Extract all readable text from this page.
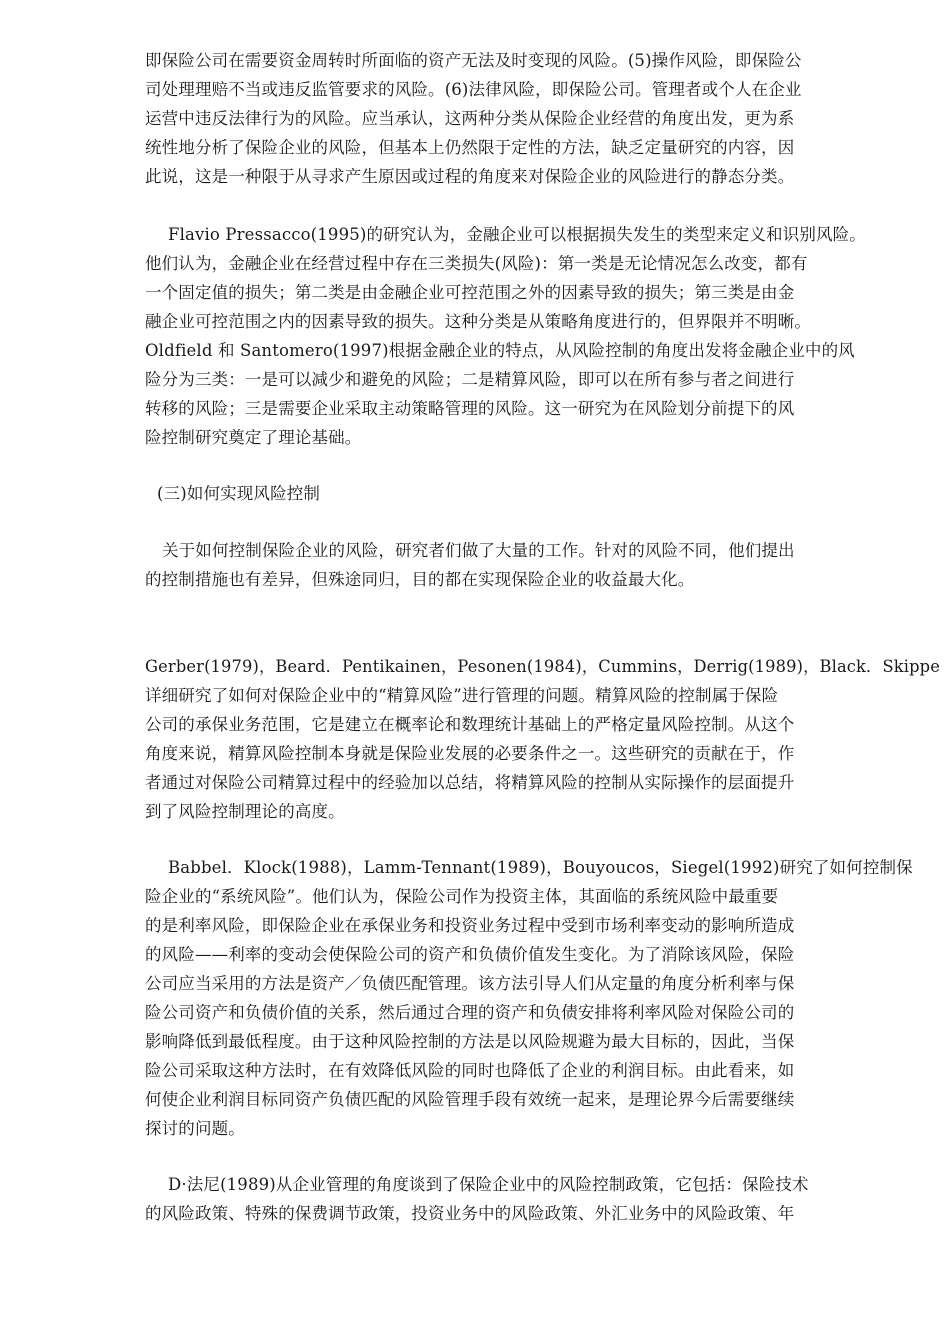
即保险公司在需要资金周转时所面临的资产无法及时变现的风险。(5)操作风险，即保险公
司处理理赔不当或违反监管要求的风险。(6)法律风险，即保险公司。管理者或个人在企业
运营中违反法律行为的风险。应当承认，这两种分类从保险企业经营的角度出发，更为系
统性地分析了保险企业的风险，但基本上仍然限于定性的方法，缺乏定量研究的内容，因
此说，这是一种限于从寻求产生原因或过程的角度来对保险企业的风险进行的静态分类。
Flavio Pressacco(1995)的研究认为，金融企业可以根据损失发生的类型来定义和识别风险。
他们认为，金融企业在经营过程中存在三类损失(风险)：第一类是无论情况怎么改变，都有
一个固定值的损失；第二类是由金融企业可控范围之外的因素导致的损失；第三类是由金
融企业可控范围之内的因素导致的损失。这种分类是从策略角度进行的，但界限并不明晰。
Oldfield 和 Santomero(1997)根据金融企业的特点，从风险控制的角度出发将金融企业中的风
险分为三类：一是可以减少和避免的风险；二是精算风险，即可以在所有参与者之间进行
转移的风险；三是需要企业采取主动策略管理的风险。这一研究为在风险划分前提下的风
险控制研究奠定了理论基础。
(三)如何实现风险控制
关于如何控制保险企业的风险，研究者们做了大量的工作。针对的风险不同，他们提出
的控制措施也有差异，但殊途同归，目的都在实现保险企业的收益最大化。
Gerber(1979)，Beard．Pentikainen，Pesonen(1984)，Cummins，Derrig(1989)，Black．Skippe
详细研究了如何对保险企业中的“精算风险”进行管理的问题。精算风险的控制属于保险
公司的承保业务范围，它是建立在概率论和数理统计基础上的严格定量风险控制。从这个
角度来说，精算风险控制本身就是保险业发展的必要条件之一。这些研究的贡献在于，作
者通过对保险公司精算过程中的经验加以总结，将精算风险的控制从实际操作的层面提升
到了风险控制理论的高度。
Babbel．Klock(1988)，Lamm-Tennant(1989)，Bouyoucos，Siegel(1992)研究了如何控制保
险企业的“系统风险”。他们认为，保险公司作为投资主体，其面临的系统风险中最重要
的是利率风险，即保险企业在承保业务和投资业务过程中受到市场利率变动的影响所造成
的风险——利率的变动会使保险公司的资产和负债价值发生变化。为了消除该风险，保险
公司应当采用的方法是资产／负债匹配管理。该方法引导人们从定量的角度分析利率与保
险公司资产和负债价值的关系，然后通过合理的资产和负债安排将利率风险对保险公司的
影响降低到最低程度。由于这种风险控制的方法是以风险规避为最大目标的，因此，当保
险公司采取这种方法时，在有效降低风险的同时也降低了企业的利润目标。由此看来，如
何使企业利润目标同资产负债匹配的风险管理手段有效统一起来，是理论界今后需要继续
探讨的问题。
D·法尼(1989)从企业管理的角度谈到了保险企业中的风险控制政策，它包括：保险技术
的风险政策、特殊的保费调节政策，投资业务中的风险政策、外汇业务中的风险政策、年
